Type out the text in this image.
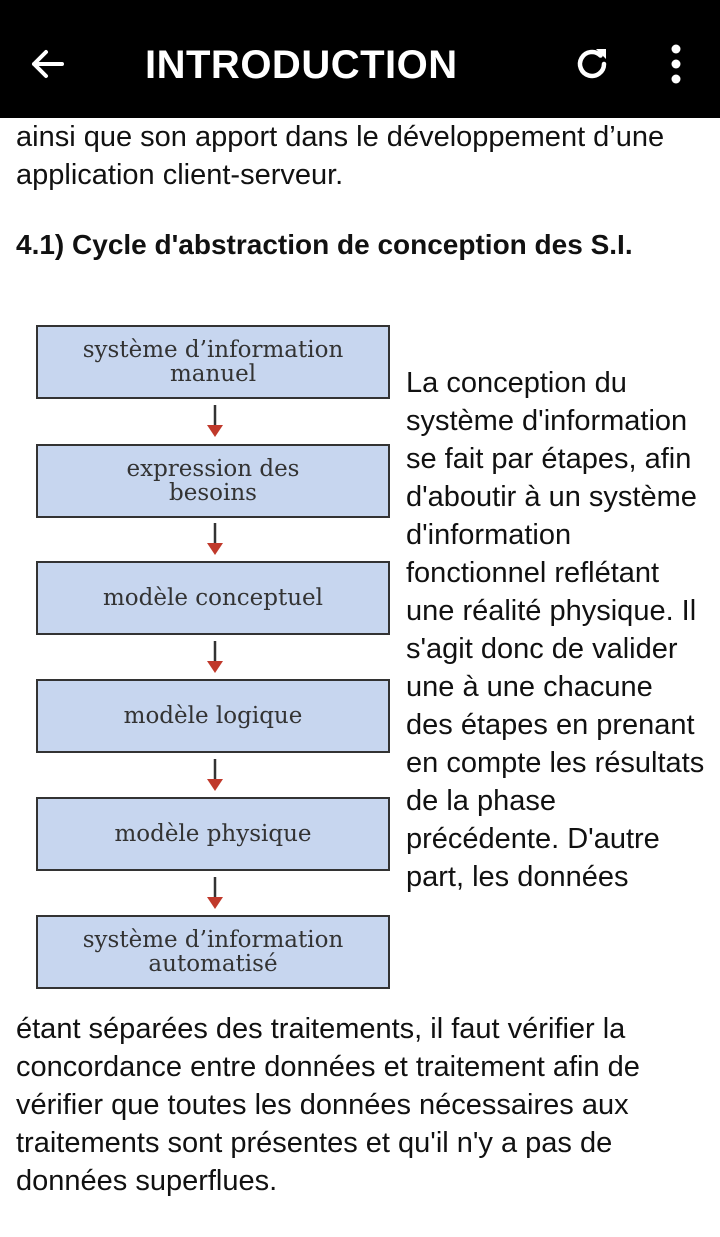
INTRODUCTION
ainsi que son apport dans le développement d’une application client-serveur.
4.1) Cycle d'abstraction de conception des S.I.
système d’information
manuel
expression des
besoins
modèle conceptuel
modèle logique
modèle physique
système d’information
automatisé
La conception du système d'information se fait par étapes, afin d'aboutir à un système d'information fonctionnel reflétant une réalité physique. Il s'agit donc de valider une à une chacune des étapes en prenant en compte les résultats de la phase précédente. D'autre part, les données
étant séparées des traitements, il faut vérifier la concordance entre données et traitement afin de vérifier que toutes les données nécessaires aux traitements sont présentes et qu'il n'y a pas de données superflues.
